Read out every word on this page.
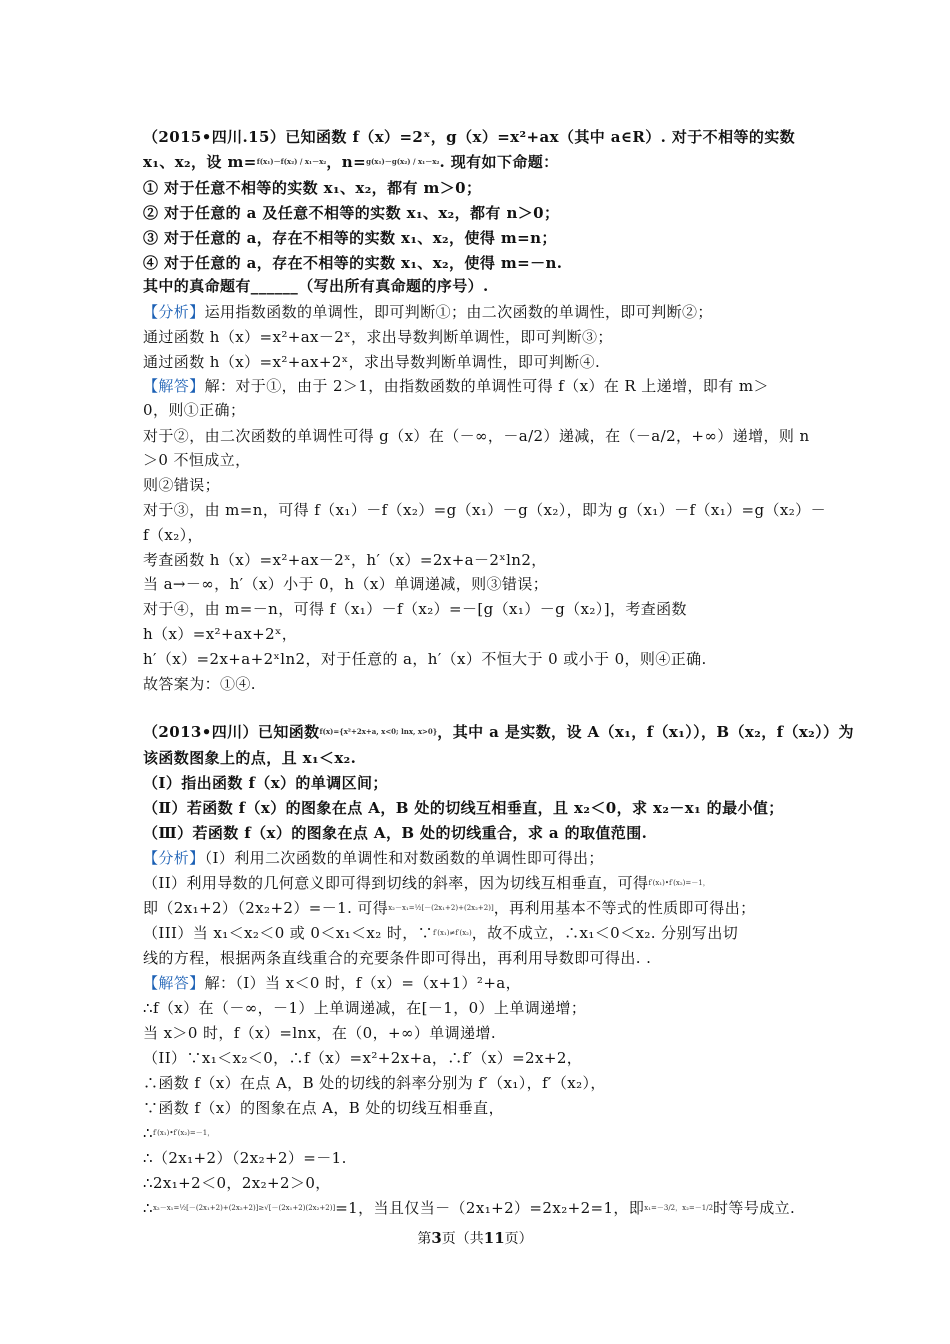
（2015•四川.15）已知函数 f（x）=2ˣ，g（x）=x²+ax（其中 a∈R）. 对于不相等的实数
x₁、x₂，设 m=$^{f(x_1)-f(x_2) / x_1-x_2}$，n=$^{g(x_1)-g(x_2) / x_1-x_2}$. 现有如下命题：
① 对于任意不相等的实数 x₁、x₂，都有 m＞0；
② 对于任意的 a 及任意不相等的实数 x₁、x₂，都有 n＞0；
③ 对于任意的 a，存在不相等的实数 x₁、x₂，使得 m=n；
④ 对于任意的 a，存在不相等的实数 x₁、x₂，使得 m=－n.
其中的真命题有______（写出所有真命题的序号）.
【分析】运用指数函数的单调性，即可判断①；由二次函数的单调性，即可判断②；
通过函数 h（x）=x²+ax－2ˣ，求出导数判断单调性，即可判断③；
通过函数 h（x）=x²+ax+2ˣ，求出导数判断单调性，即可判断④.
【解答】解：对于①，由于 2＞1，由指数函数的单调性可得 f（x）在 R 上递增，即有 m＞
0，则①正确；
对于②，由二次函数的单调性可得 g（x）在（－∞，－a/2）递减，在（－a/2，+∞）递增，则 n
＞0 不恒成立，
则②错误；
对于③，由 m=n，可得 f（x₁）－f（x₂）=g（x₁）－g（x₂），即为 g（x₁）－f（x₁）=g（x₂）－
f（x₂），
考查函数 h（x）=x²+ax－2ˣ，h′（x）=2x+a－2ˣln2，
当 a→－∞，h′（x）小于 0，h（x）单调递减，则③错误；
对于④，由 m=－n，可得 f（x₁）－f（x₂）=－[g（x₁）－g（x₂）]，考查函数
h（x）=x²+ax+2ˣ，
h′（x）=2x+a+2ˣln2，对于任意的 a，h′（x）不恒大于 0 或小于 0，则④正确.
故答案为：①④.
（2013•四川）已知函数$^{f(x)=\{x^2+2x+a, x<0; lnx, x>0\}}$，其中 a 是实数，设 A（x₁，f（x₁）），B（x₂，f（x₂））为
该函数图象上的点，且 x₁＜x₂.
（Ⅰ）指出函数 f（x）的单调区间；
（Ⅱ）若函数 f（x）的图象在点 A，B 处的切线互相垂直，且 x₂＜0，求 x₂－x₁ 的最小值；
（Ⅲ）若函数 f（x）的图象在点 A，B 处的切线重合，求 a 的取值范围.
【分析】（I）利用二次函数的单调性和对数函数的单调性即可得出；
（II）利用导数的几何意义即可得到切线的斜率，因为切线互相垂直，可得$^{f'(x_1)•f'(x_2)=-1,}$
即（2x₁+2）（2x₂+2）=－1. 可得$^{x_2-x_1=\frac{1}{2}[-(2x_1+2)+(2x_2+2)]}$，再利用基本不等式的性质即可得出；
（III）当 x₁＜x₂＜0 或 0＜x₁＜x₂ 时，∵$^{f'(x_1)\ne f'(x_2)}$，故不成立，∴x₁＜0＜x₂. 分别写出切
线的方程，根据两条直线重合的充要条件即可得出，再利用导数即可得出. .
【解答】解：（I）当 x＜0 时，f（x）=（x+1）²+a，
∴f（x）在（－∞，－1）上单调递减，在[－1，0）上单调递增；
当 x＞0 时，f（x）=lnx，在（0，+∞）单调递增.
（II）∵x₁＜x₂＜0，∴f（x）=x²+2x+a，∴f′（x）=2x+2，
∴函数 f（x）在点 A，B 处的切线的斜率分别为 f′（x₁），f′（x₂），
∵函数 f（x）的图象在点 A，B 处的切线互相垂直，
∴$^{f'(x_1)•f'(x_2)=-1,}$
∴（2x₁+2）（2x₂+2）=－1.
∴2x₁+2＜0，2x₂+2＞0，
∴$^{x_2-x_1=\frac{1}{2}[-(2x_1+2)+(2x_2+2)]\ge√[-(2x_1+2)(2x_2+2)]}$=1，当且仅当－（2x₁+2）=2x₂+2=1，即$^{x_1=-3/2,x_2=-1/2}$时等号成立.
第3页（共11页）
